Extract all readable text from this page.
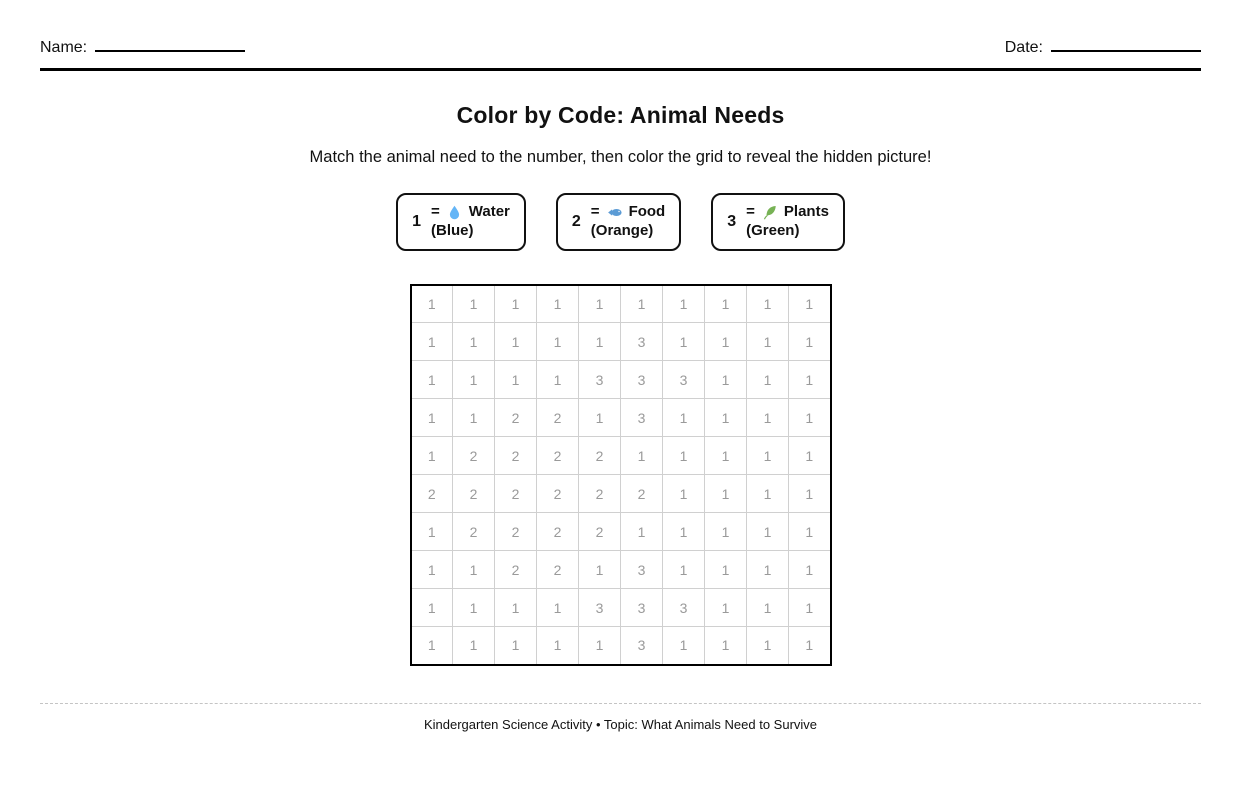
Name:	Date:
Color by Code: Animal Needs

Match the animal need to the number, then color the grid to reveal the hidden picture!

1
= Water
(Blue)
2
= Food
(Orange)
3
= Plants
(Green)
1	1	1	1	1	1	1	1	1	1
1	1	1	1	1	3	1	1	1	1
1	1	1	1	3	3	3	1	1	1
1	1	2	2	1	3	1	1	1	1
1	2	2	2	2	1	1	1	1	1
2	2	2	2	2	2	1	1	1	1
1	2	2	2	2	1	1	1	1	1
1	1	2	2	1	3	1	1	1	1
1	1	1	1	3	3	3	1	1	1
1	1	1	1	1	3	1	1	1	1

Kindergarten Science Activity • Topic: What Animals Need to Survive
